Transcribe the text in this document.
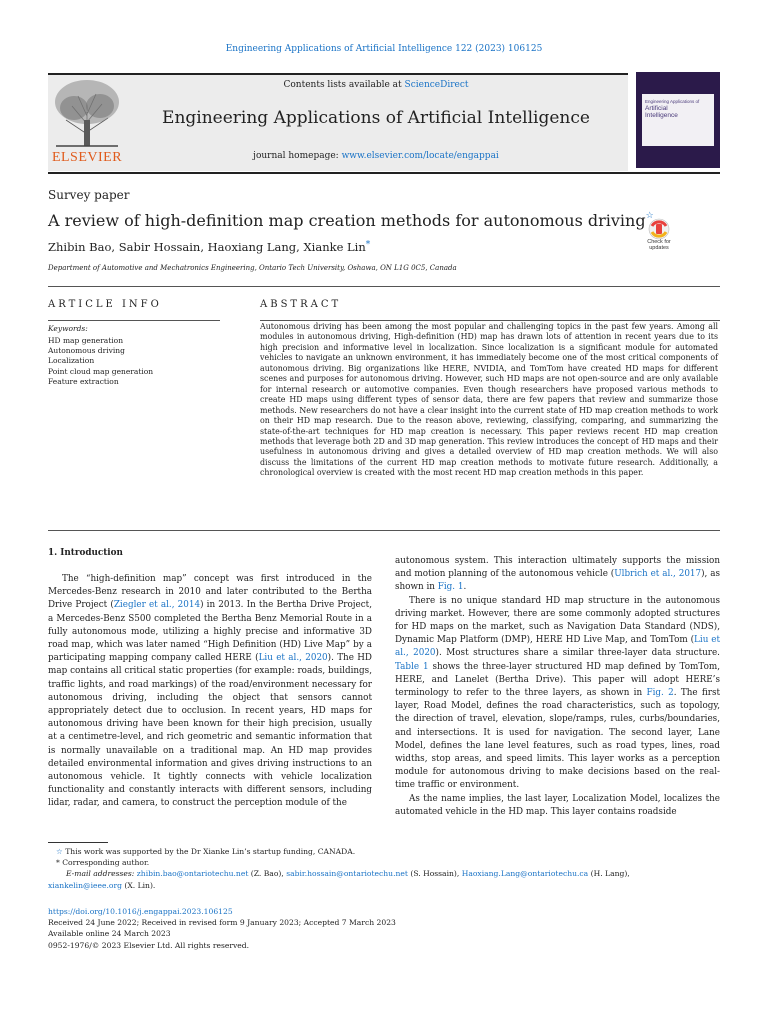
Engineering Applications of Artificial Intelligence 122 (2023) 106125
ELSEVIER
Contents lists available at ScienceDirect
Engineering Applications of Artificial Intelligence
journal homepage: www.elsevier.com/locate/engappai
Engineering Applications of
Artificial
Intelligence
Survey paper
A review of high-definition map creation methods for autonomous driving☆
Zhibin Bao, Sabir Hossain, Haoxiang Lang, Xianke Lin*
Department of Automotive and Mechatronics Engineering, Ontario Tech University, Oshawa, ON L1G 0C5, Canada
Check for updates
ARTICLE INFO	ABSTRACT
Keywords:
HD map generation
Autonomous driving
Localization
Point cloud map generation
Feature extraction
Autonomous driving has been among the most popular and challenging topics in the past few years. Among all modules in autonomous driving, High-definition (HD) map has drawn lots of attention in recent years due to its high precision and informative level in localization. Since localization is a significant module for automated vehicles to navigate an unknown environment, it has immediately become one of the most critical components of autonomous driving. Big organizations like HERE, NVIDIA, and TomTom have created HD maps for different scenes and purposes for autonomous driving. However, such HD maps are not open-source and are only available for internal research or automotive companies. Even though researchers have proposed various methods to create HD maps using different types of sensor data, there are few papers that review and summarize those methods. New researchers do not have a clear insight into the current state of HD map creation methods to work on their HD map research. Due to the reason above, reviewing, classifying, comparing, and summarizing the state-of-the-art techniques for HD map creation is necessary. This paper reviews recent HD map creation methods that leverage both 2D and 3D map generation. This review introduces the concept of HD maps and their usefulness in autonomous driving and gives a detailed overview of HD map creation methods. We will also discuss the limitations of the current HD map creation methods to motivate future research. Additionally, a chronological overview is created with the most recent HD map creation methods in this paper.
1. Introduction

The “high-definition map” concept was first introduced in the Mercedes-Benz research in 2010 and later contributed to the Bertha Drive Project (Ziegler et al., 2014) in 2013. In the Bertha Drive Project, a Mercedes-Benz S500 completed the Bertha Benz Memorial Route in a fully autonomous mode, utilizing a highly precise and informative 3D road map, which was later named “High Definition (HD) Live Map” by a participating mapping company called HERE (Liu et al., 2020). The HD map contains all critical static properties (for example: roads, buildings, traffic lights, and road markings) of the road/environment necessary for autonomous driving, including the object that sensors cannot appropriately detect due to occlusion. In recent years, HD maps for autonomous driving have been known for their high precision, usually at a centimetre-level, and rich geometric and semantic information that is normally unavailable on a traditional map. An HD map provides detailed environmental information and gives driving instructions to an autonomous vehicle. It tightly connects with vehicle localization functionality and constantly interacts with different sensors, including lidar, radar, and camera, to construct the perception module of the

autonomous system. This interaction ultimately supports the mission and motion planning of the autonomous vehicle (Ulbrich et al., 2017), as shown in Fig. 1.

There is no unique standard HD map structure in the autonomous driving market. However, there are some commonly adopted structures for HD maps on the market, such as Navigation Data Standard (NDS), Dynamic Map Platform (DMP), HERE HD Live Map, and TomTom (Liu et al., 2020). Most structures share a similar three-layer data structure. Table 1 shows the three-layer structured HD map defined by TomTom, HERE, and Lanelet (Bertha Drive). This paper will adopt HERE’s terminology to refer to the three layers, as shown in Fig. 2. The first layer, Road Model, defines the road characteristics, such as topology, the direction of travel, elevation, slope/ramps, rules, curbs/boundaries, and intersections. It is used for navigation. The second layer, Lane Model, defines the lane level features, such as road types, lines, road widths, stop areas, and speed limits. This layer works as a perception module for autonomous driving to make decisions based on the real-time traffic or environment.

As the name implies, the last layer, Localization Model, localizes the automated vehicle in the HD map. This layer contains roadside

☆ This work was supported by the Dr Xianke Lin’s startup funding, CANADA.
* Corresponding author.
E-mail addresses: zhibin.bao@ontariotechu.net (Z. Bao), sabir.hossain@ontariotechu.net (S. Hossain), Haoxiang.Lang@ontariotechu.ca (H. Lang),
xiankelin@ieee.org (X. Lin).
https://doi.org/10.1016/j.engappai.2023.106125
Received 24 June 2022; Received in revised form 9 January 2023; Accepted 7 March 2023
Available online 24 March 2023
0952-1976/© 2023 Elsevier Ltd. All rights reserved.
